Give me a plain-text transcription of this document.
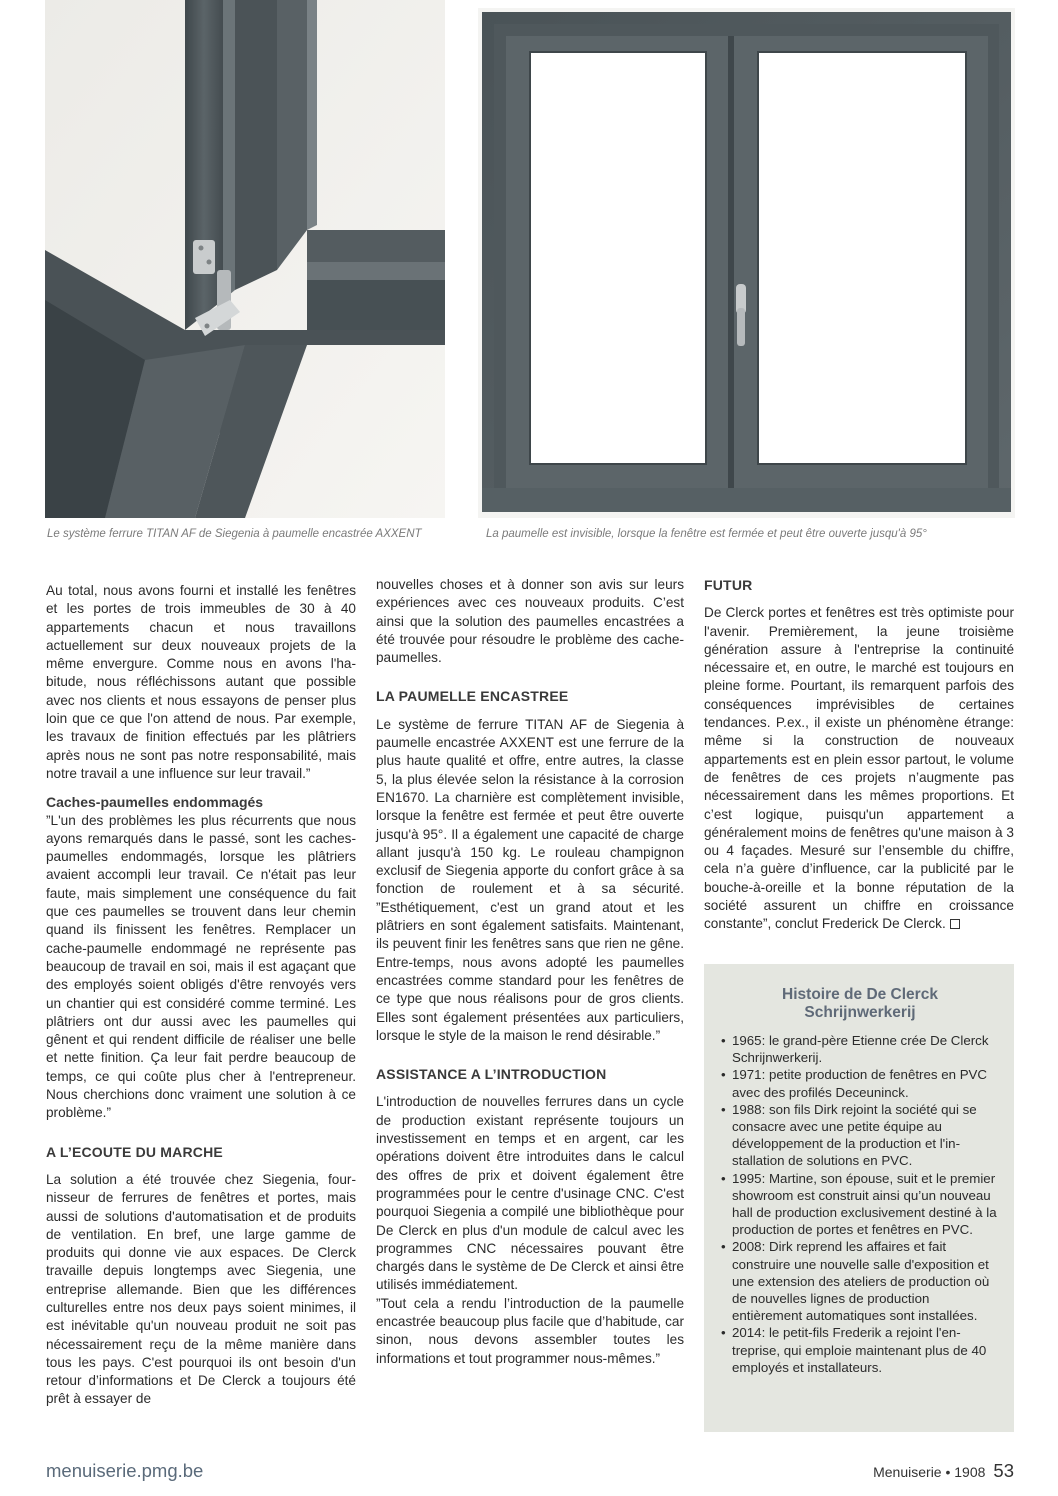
Le système ferrure TITAN AF de Siegenia à paumelle encastrée AXXENT	La paumelle est invisible, lorsque la fenêtre est fermée et peut être ouverte jusqu'à 95°

Au total, nous avons fourni et installé les fenêtres et les portes de trois immeubles de 30 à 40 appartements chacun et nous travaillons actuellement sur deux nouveaux projets de la même envergure. Comme nous en avons l'habitude, nous réfléchissons autant que possible avec nos clients et nous essayons de penser plus loin que ce que l'on attend de nous. Par exemple, les travaux de finition effectués par les plâtriers après nous ne sont pas notre responsabilité, mais notre travail a une influence sur leur travail.”

Caches-paumelles endommagés

”L'un des problèmes les plus récurrents que nous ayons remarqués dans le passé, sont les caches-paumelles endommagés, lorsque les plâtriers avaient accompli leur travail. Ce n'était pas leur faute, mais simplement une conséquence du fait que ces paumelles se trouvent dans leur chemin quand ils finissent les fenêtres. Remplacer un cache-paumelle endommagé ne représente pas beaucoup de travail en soi, mais il est agaçant que des employés soient obligés d'être renvoyés vers un chantier qui est considéré comme terminé. Les plâtriers ont dur aussi avec les paumelles qui gênent et qui rendent difficile de réaliser une belle et nette finition. Ça leur fait perdre beaucoup de temps, ce qui coûte plus cher à l'entrepreneur. Nous cherchions donc vraiment une solution à ce problème.”

A L’ECOUTE DU MARCHE

La solution a été trouvée chez Siegenia, fournisseur de ferrures de fenêtres et portes, mais aussi de solutions d'automatisation et de produits de ventilation. En bref, une large gamme de produits qui donne vie aux espaces. De Clerck travaille depuis longtemps avec Siegenia, une entreprise allemande. Bien que les différences culturelles entre nos deux pays soient minimes, il est inévitable qu'un nouveau produit ne soit pas nécessairement reçu de la même manière dans tous les pays. C'est pourquoi ils ont besoin d'un retour d’informations et De Clerck a toujours été prêt à essayer de

nouvelles choses et à donner son avis sur leurs expériences avec ces nouveaux produits. C’est ainsi que la solution des paumelles encastrées a été trouvée pour résoudre le problème des cache-paumelles.

LA PAUMELLE ENCASTREE

Le système de ferrure TITAN AF de Siegenia à paumelle encastrée AXXENT est une ferrure de la plus haute qualité et offre, entre autres, la classe 5, la plus élevée selon la résistance à la corrosion EN1670. La charnière est complètement invisible, lorsque la fenêtre est fermée et peut être ouverte jusqu'à 95°. Il a également une capacité de charge allant jusqu'à 150 kg. Le rouleau champignon exclusif de Siegenia apporte du confort grâce à sa fonction de roulement et à sa sécurité. ”Esthétiquement, c'est un grand atout et les plâtriers en sont également satisfaits. Maintenant, ils peuvent finir les fenêtres sans que rien ne gêne. Entre-temps, nous avons adopté les paumelles encastrées comme standard pour les fenêtres de ce type que nous réalisons pour de gros clients. Elles sont également présentées aux particuliers, lorsque le style de la maison le rend désirable.”

ASSISTANCE A L’INTRODUCTION

L'introduction de nouvelles ferrures dans un cycle de production existant représente toujours un investissement en temps et en argent, car les opérations doivent être introduites dans le calcul des offres de prix et doivent également être programmées pour le centre d'usinage CNC. C'est pourquoi Siegenia a compilé une bibliothèque pour De Clerck en plus d'un module de calcul avec les programmes CNC nécessaires pouvant être chargés dans le système de De Clerck et ainsi être utilisés immédiatement.

”Tout cela a rendu l’introduction de la paumelle encastrée beaucoup plus facile que d’habitude, car sinon, nous devons assembler toutes les informations et tout programmer nous-mêmes.”

FUTUR

De Clerck portes et fenêtres est très optimiste pour l'avenir. Premièrement, la jeune troisième génération assure à l'entreprise la continuité nécessaire et, en outre, le marché est toujours en pleine forme. Pourtant, ils remarquent parfois des conséquences imprévisibles de certaines tendances. P.ex., il existe un phénomène étrange: même si la construction de nouveaux appartements est en plein essor partout, le volume de fenêtres de ces projets n’augmente pas nécessairement dans les mêmes proportions. Et c’est logique, puisqu'un appartement a généralement moins de fenêtres qu'une maison à 3 ou 4 façades. Mesuré sur l’ensemble du chiffre, cela n’a guère d’influence, car la publicité par le bouche-à-oreille et la bonne réputation de la société assurent un chiffre en croissance constante”, conclut Frederick De Clerck.

Histoire de De Clerck
Schrijnwerkerij
• 1965: le grand-père Etienne crée De Clerck Schrijnwerkerij.
• 1971: petite production de fenêtres en PVC avec des profilés Deceuninck.
• 1988: son fils Dirk rejoint la société qui se consacre avec une petite équipe au développement de la production et l'installation de solutions en PVC.
• 1995: Martine, son épouse, suit et le premier showroom est construit ainsi qu’un nouveau hall de production exclusivement destiné à la production de portes et fenêtres en PVC.
• 2008: Dirk reprend les affaires et fait construire une nouvelle salle d'exposition et une extension des ateliers de production où de nouvelles lignes de production entièrement automatiques sont installées.
• 2014: le petit-fils Frederik a rejoint l'entreprise, qui emploie maintenant plus de 40 employés et installateurs.
menuiserie.pmg.be	Menuiserie • 1908 53
